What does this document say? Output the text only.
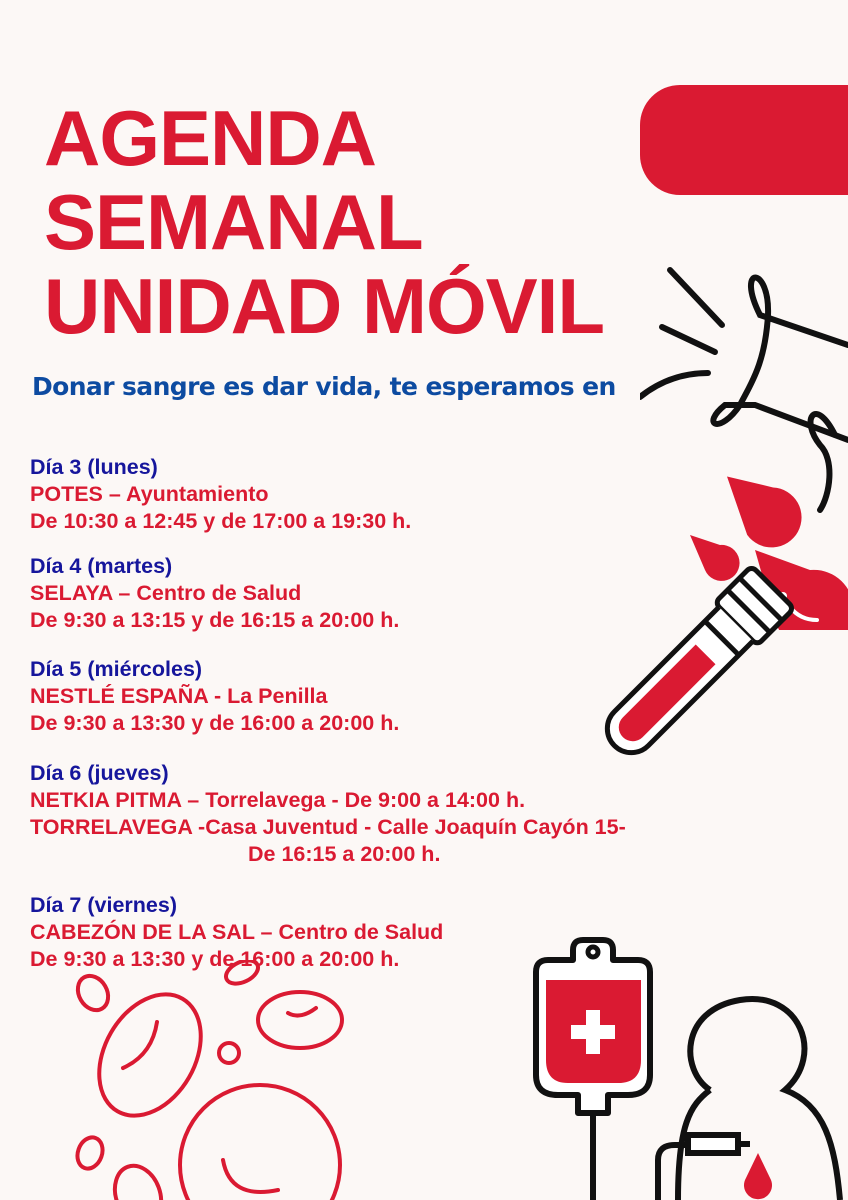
AGENDA
SEMANAL
UNIDAD MÓVIL

Donar sangre es dar vida, te esperamos en

Día 3 (lunes)
POTES – Ayuntamiento
De 10:30 a 12:45 y de 17:00 a 19:30 h.
Día 4 (martes)
SELAYA – Centro de Salud
De 9:30 a 13:15 y de 16:15 a 20:00 h.
Día 5 (miércoles)
NESTLÉ ESPAÑA - La Penilla
De 9:30 a 13:30 y de 16:00 a 20:00 h.
Día 6 (jueves)
NETKIA PITMA – Torrelavega - De 9:00 a 14:00 h.
TORRELAVEGA -Casa Juventud - Calle Joaquín Cayón 15-
De 16:15 a 20:00 h.
Día 7 (viernes)
CABEZÓN DE LA SAL – Centro de Salud
De 9:30 a 13:30 y de 16:00 a 20:00 h.
